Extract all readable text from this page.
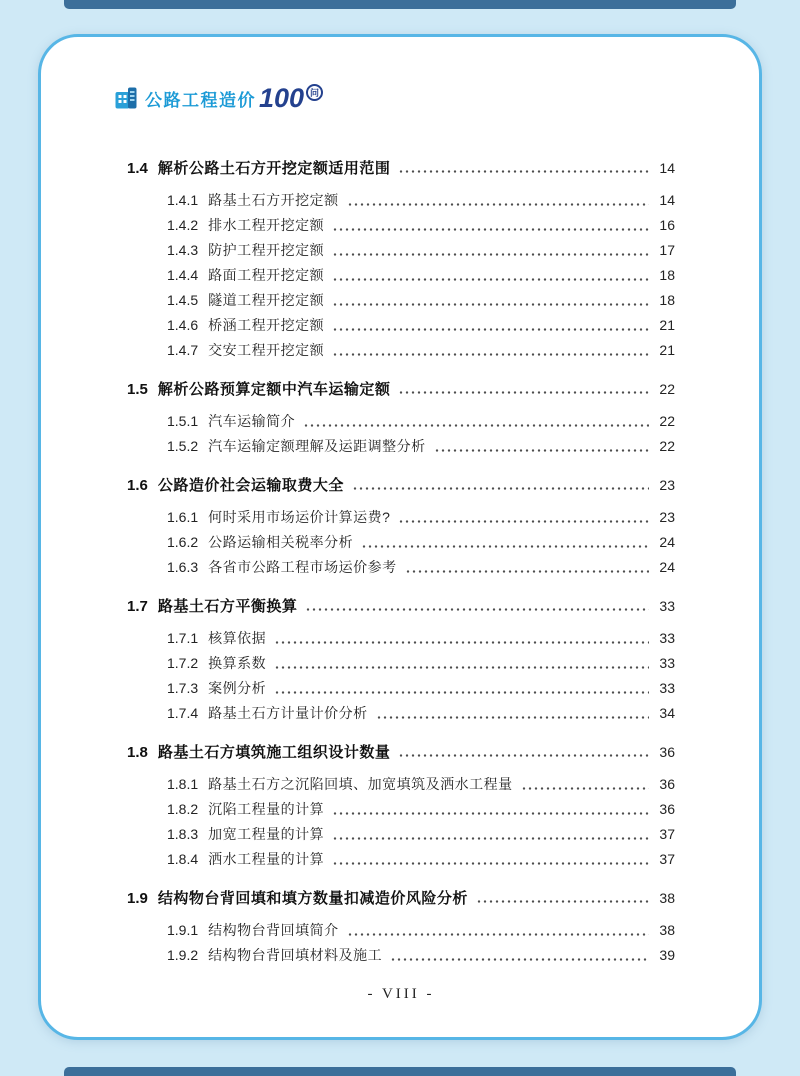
公路工程造价 100 问
1.4 解析公路土石方开挖定额适用范围	14
1.4.1 路基土石方开挖定额	14
1.4.2 排水工程开挖定额	16
1.4.3 防护工程开挖定额	17
1.4.4 路面工程开挖定额	18
1.4.5 隧道工程开挖定额	18
1.4.6 桥涵工程开挖定额	21
1.4.7 交安工程开挖定额	21
1.5 解析公路预算定额中汽车运输定额	22
1.5.1 汽车运输简介	22
1.5.2 汽车运输定额理解及运距调整分析	22
1.6 公路造价社会运输取费大全	23
1.6.1 何时采用市场运价计算运费?	23
1.6.2 公路运输相关税率分析	24
1.6.3 各省市公路工程市场运价参考	24
1.7 路基土石方平衡换算	33
1.7.1 核算依据	33
1.7.2 换算系数	33
1.7.3 案例分析	33
1.7.4 路基土石方计量计价分析	34
1.8 路基土石方填筑施工组织设计数量	36
1.8.1 路基土石方之沉陷回填、加宽填筑及洒水工程量	36
1.8.2 沉陷工程量的计算	36
1.8.3 加宽工程量的计算	37
1.8.4 洒水工程量的计算	37
1.9 结构物台背回填和填方数量扣减造价风险分析	38
1.9.1 结构物台背回填简介	38
1.9.2 结构物台背回填材料及施工	39
- VIII -
